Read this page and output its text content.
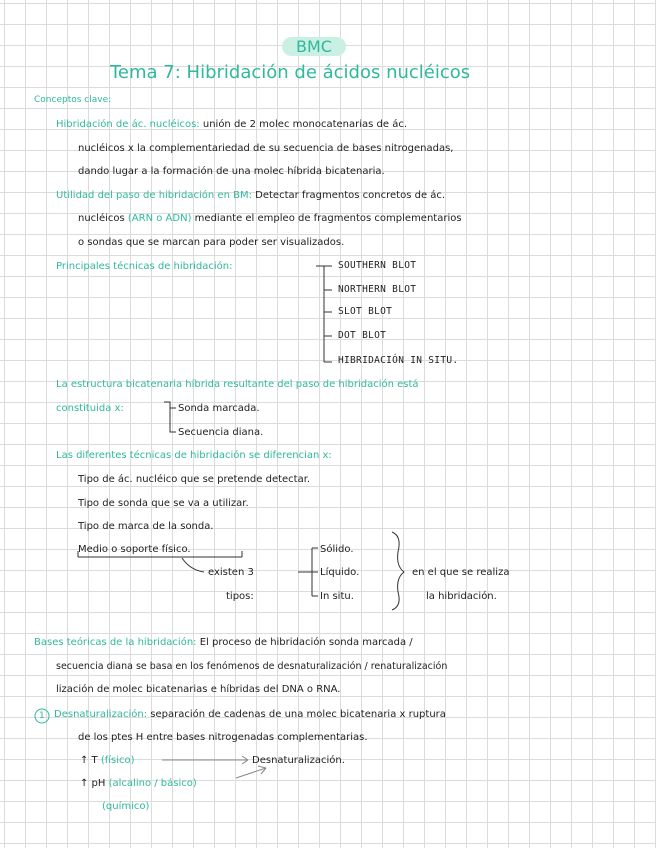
BMC
Tema 7: Hibridación de ácidos nucléicos
Conceptos clave:
Hibridación de ác. nucléicos: unión de 2 molec monocatenarias de ác.
nucléicos x la complementariedad de su secuencia de bases nitrogenadas,
dando lugar a la formación de una molec híbrida bicatenaria.
Utilidad del paso de hibridación en BM: Detectar fragmentos concretos de ác.
nucléicos (ARN o ADN) mediante el empleo de fragmentos complementarios
o sondas que se marcan para poder ser visualizados.
Principales técnicas de hibridación:	SOUTHERN BLOT
NORTHERN BLOT
SLOT BLOT
DOT BLOT
HIBRIDACIÓN IN SITU.
La estructura bicatenaria híbrida resultante del paso de hibridación está
constituida x:	Sonda marcada.
Secuencia diana.
Las diferentes técnicas de hibridación se diferencian x:
Tipo de ác. nucléico que se pretende detectar.
Tipo de sonda que se va a utilizar.
Tipo de marca de la sonda.
Medio o soporte físico.
existen 3
tipos:
Sólido.
Líquido.
In situ.
en el que se realiza
la hibridación.
Bases teóricas de la hibridación: El proceso de hibridación sonda marcada /
secuencia diana se basa en los fenómenos de desnaturalización / renaturalización
lización de molec bicatenarias e híbridas del DNA o RNA.
1 Desnaturalización: separación de cadenas de una molec bicatenaria x ruptura
de los ptes H entre bases nitrogenadas complementarias.
↑ T (físico)	Desnaturalización.
↑ pH (alcalino / básico)
(químico)
